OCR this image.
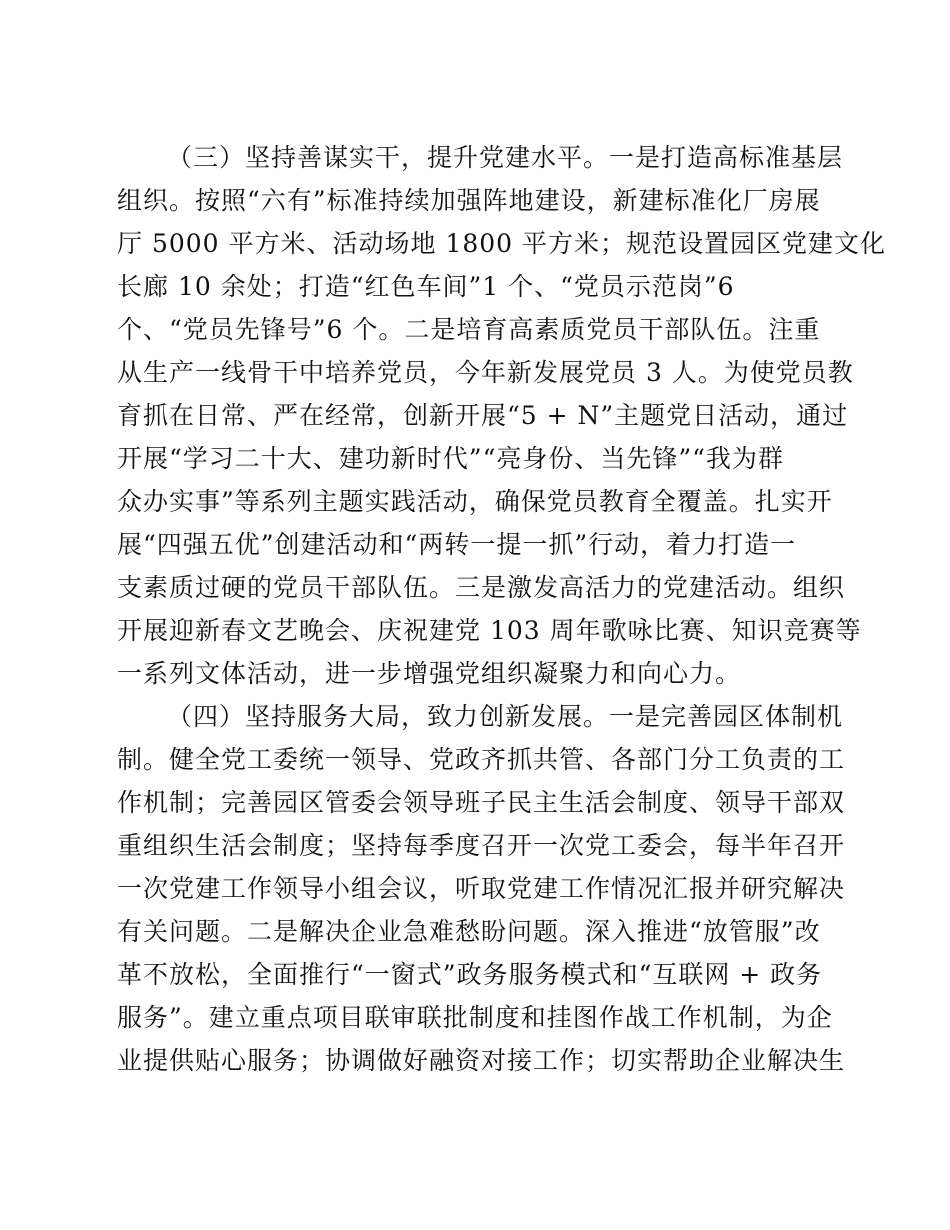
（三）坚持善谋实干，提升党建水平。一是打造高标准基层
组织。按照“六有”标准持续加强阵地建设，新建标准化厂房展
厅 5000 平方米、活动场地 1800 平方米；规范设置园区党建文化
长廊 10 余处；打造“红色车间”1 个、“党员示范岗”6
个、“党员先锋号”6 个。二是培育高素质党员干部队伍。注重
从生产一线骨干中培养党员，今年新发展党员 3 人。为使党员教
育抓在日常、严在经常，创新开展“5 + N”主题党日活动，通过
开展“学习二十大、建功新时代”“亮身份、当先锋”“我为群
众办实事”等系列主题实践活动，确保党员教育全覆盖。扎实开
展“四强五优”创建活动和“两转一提一抓”行动，着力打造一
支素质过硬的党员干部队伍。三是激发高活力的党建活动。组织
开展迎新春文艺晚会、庆祝建党 103 周年歌咏比赛、知识竞赛等
一系列文体活动，进一步增强党组织凝聚力和向心力。
（四）坚持服务大局，致力创新发展。一是完善园区体制机
制。健全党工委统一领导、党政齐抓共管、各部门分工负责的工
作机制；完善园区管委会领导班子民主生活会制度、领导干部双
重组织生活会制度；坚持每季度召开一次党工委会，每半年召开
一次党建工作领导小组会议，听取党建工作情况汇报并研究解决
有关问题。二是解决企业急难愁盼问题。深入推进“放管服”改
革不放松，全面推行“一窗式”政务服务模式和“互联网 + 政务
服务”。建立重点项目联审联批制度和挂图作战工作机制，为企
业提供贴心服务；协调做好融资对接工作；切实帮助企业解决生
